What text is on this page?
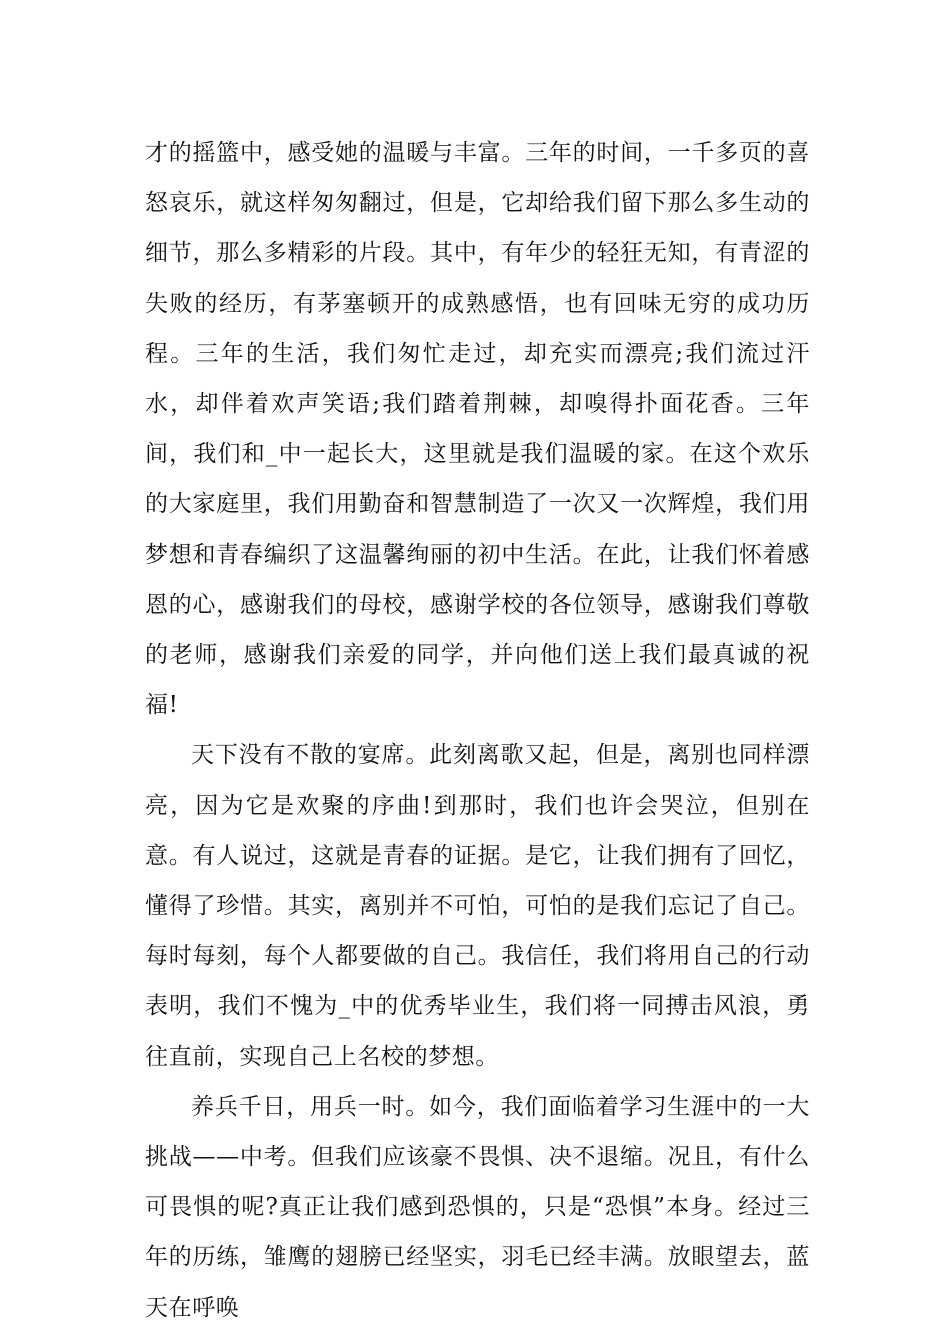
才的摇篮中，感受她的温暖与丰富。三年的时间，一千多页的喜怒哀乐，就这样匆匆翻过，但是，它却给我们留下那么多生动的细节，那么多精彩的片段。其中，有年少的轻狂无知，有青涩的失败的经历，有茅塞顿开的成熟感悟，也有回味无穷的成功历程。三年的生活，我们匆忙走过，却充实而漂亮;我们流过汗水，却伴着欢声笑语;我们踏着荆棘，却嗅得扑面花香。三年间，我们和_中一起长大，这里就是我们温暖的家。在这个欢乐的大家庭里，我们用勤奋和智慧制造了一次又一次辉煌，我们用梦想和青春编织了这温馨绚丽的初中生活。在此，让我们怀着感恩的心，感谢我们的母校，感谢学校的各位领导，感谢我们尊敬的老师，感谢我们亲爱的同学，并向他们送上我们最真诚的祝福!

天下没有不散的宴席。此刻离歌又起，但是，离别也同样漂亮，因为它是欢聚的序曲!到那时，我们也许会哭泣，但别在意。有人说过，这就是青春的证据。是它，让我们拥有了回忆，懂得了珍惜。其实，离别并不可怕，可怕的是我们忘记了自己。每时每刻，每个人都要做的自己。我信任，我们将用自己的行动表明，我们不愧为_中的优秀毕业生，我们将一同搏击风浪，勇往直前，实现自己上名校的梦想。

养兵千日，用兵一时。如今，我们面临着学习生涯中的一大挑战——中考。但我们应该豪不畏惧、决不退缩。况且，有什么可畏惧的呢?真正让我们感到恐惧的，只是“恐惧”本身。经过三年的历练，雏鹰的翅膀已经坚实，羽毛已经丰满。放眼望去，蓝天在呼唤
